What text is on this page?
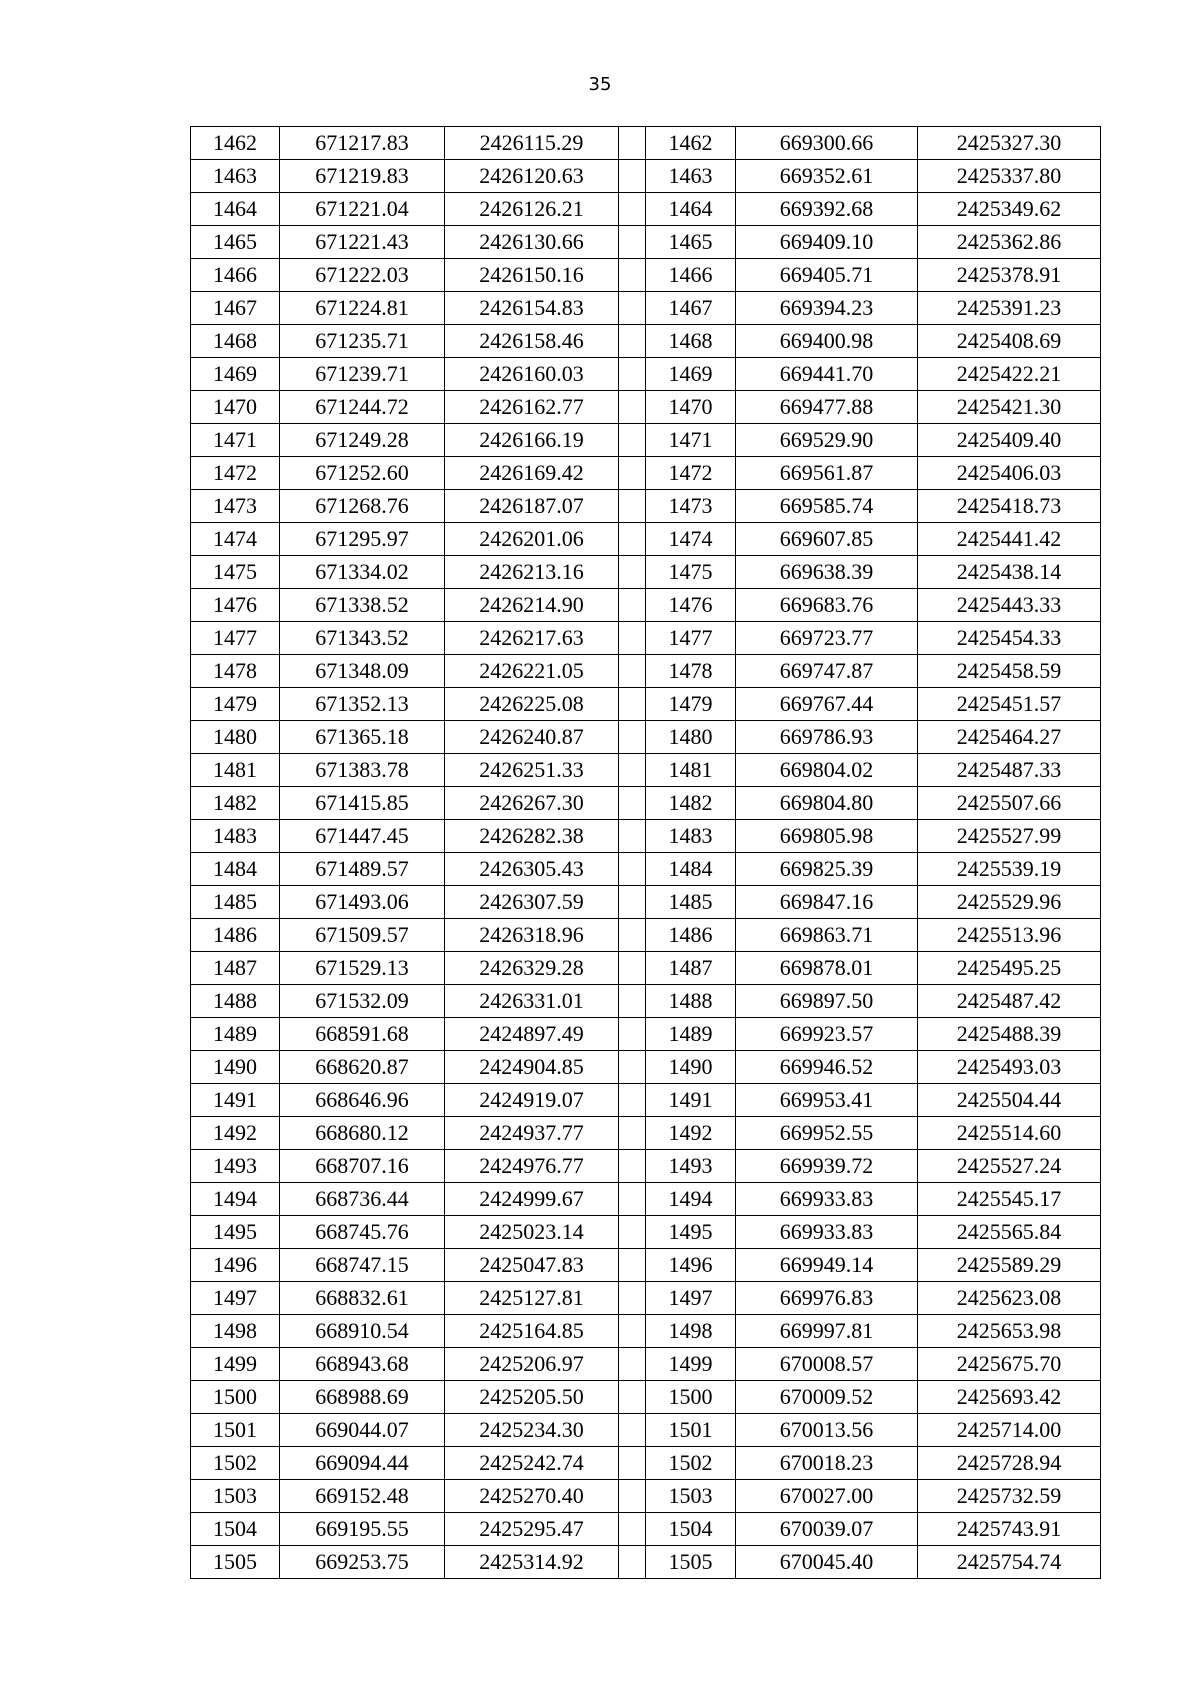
35
1462	671217.83	2426115.29		1462	669300.66	2425327.30
1463	671219.83	2426120.63		1463	669352.61	2425337.80
1464	671221.04	2426126.21		1464	669392.68	2425349.62
1465	671221.43	2426130.66		1465	669409.10	2425362.86
1466	671222.03	2426150.16		1466	669405.71	2425378.91
1467	671224.81	2426154.83		1467	669394.23	2425391.23
1468	671235.71	2426158.46		1468	669400.98	2425408.69
1469	671239.71	2426160.03		1469	669441.70	2425422.21
1470	671244.72	2426162.77		1470	669477.88	2425421.30
1471	671249.28	2426166.19		1471	669529.90	2425409.40
1472	671252.60	2426169.42		1472	669561.87	2425406.03
1473	671268.76	2426187.07		1473	669585.74	2425418.73
1474	671295.97	2426201.06		1474	669607.85	2425441.42
1475	671334.02	2426213.16		1475	669638.39	2425438.14
1476	671338.52	2426214.90		1476	669683.76	2425443.33
1477	671343.52	2426217.63		1477	669723.77	2425454.33
1478	671348.09	2426221.05		1478	669747.87	2425458.59
1479	671352.13	2426225.08		1479	669767.44	2425451.57
1480	671365.18	2426240.87		1480	669786.93	2425464.27
1481	671383.78	2426251.33		1481	669804.02	2425487.33
1482	671415.85	2426267.30		1482	669804.80	2425507.66
1483	671447.45	2426282.38		1483	669805.98	2425527.99
1484	671489.57	2426305.43		1484	669825.39	2425539.19
1485	671493.06	2426307.59		1485	669847.16	2425529.96
1486	671509.57	2426318.96		1486	669863.71	2425513.96
1487	671529.13	2426329.28		1487	669878.01	2425495.25
1488	671532.09	2426331.01		1488	669897.50	2425487.42
1489	668591.68	2424897.49		1489	669923.57	2425488.39
1490	668620.87	2424904.85		1490	669946.52	2425493.03
1491	668646.96	2424919.07		1491	669953.41	2425504.44
1492	668680.12	2424937.77		1492	669952.55	2425514.60
1493	668707.16	2424976.77		1493	669939.72	2425527.24
1494	668736.44	2424999.67		1494	669933.83	2425545.17
1495	668745.76	2425023.14		1495	669933.83	2425565.84
1496	668747.15	2425047.83		1496	669949.14	2425589.29
1497	668832.61	2425127.81		1497	669976.83	2425623.08
1498	668910.54	2425164.85		1498	669997.81	2425653.98
1499	668943.68	2425206.97		1499	670008.57	2425675.70
1500	668988.69	2425205.50		1500	670009.52	2425693.42
1501	669044.07	2425234.30		1501	670013.56	2425714.00
1502	669094.44	2425242.74		1502	670018.23	2425728.94
1503	669152.48	2425270.40		1503	670027.00	2425732.59
1504	669195.55	2425295.47		1504	670039.07	2425743.91
1505	669253.75	2425314.92		1505	670045.40	2425754.74
